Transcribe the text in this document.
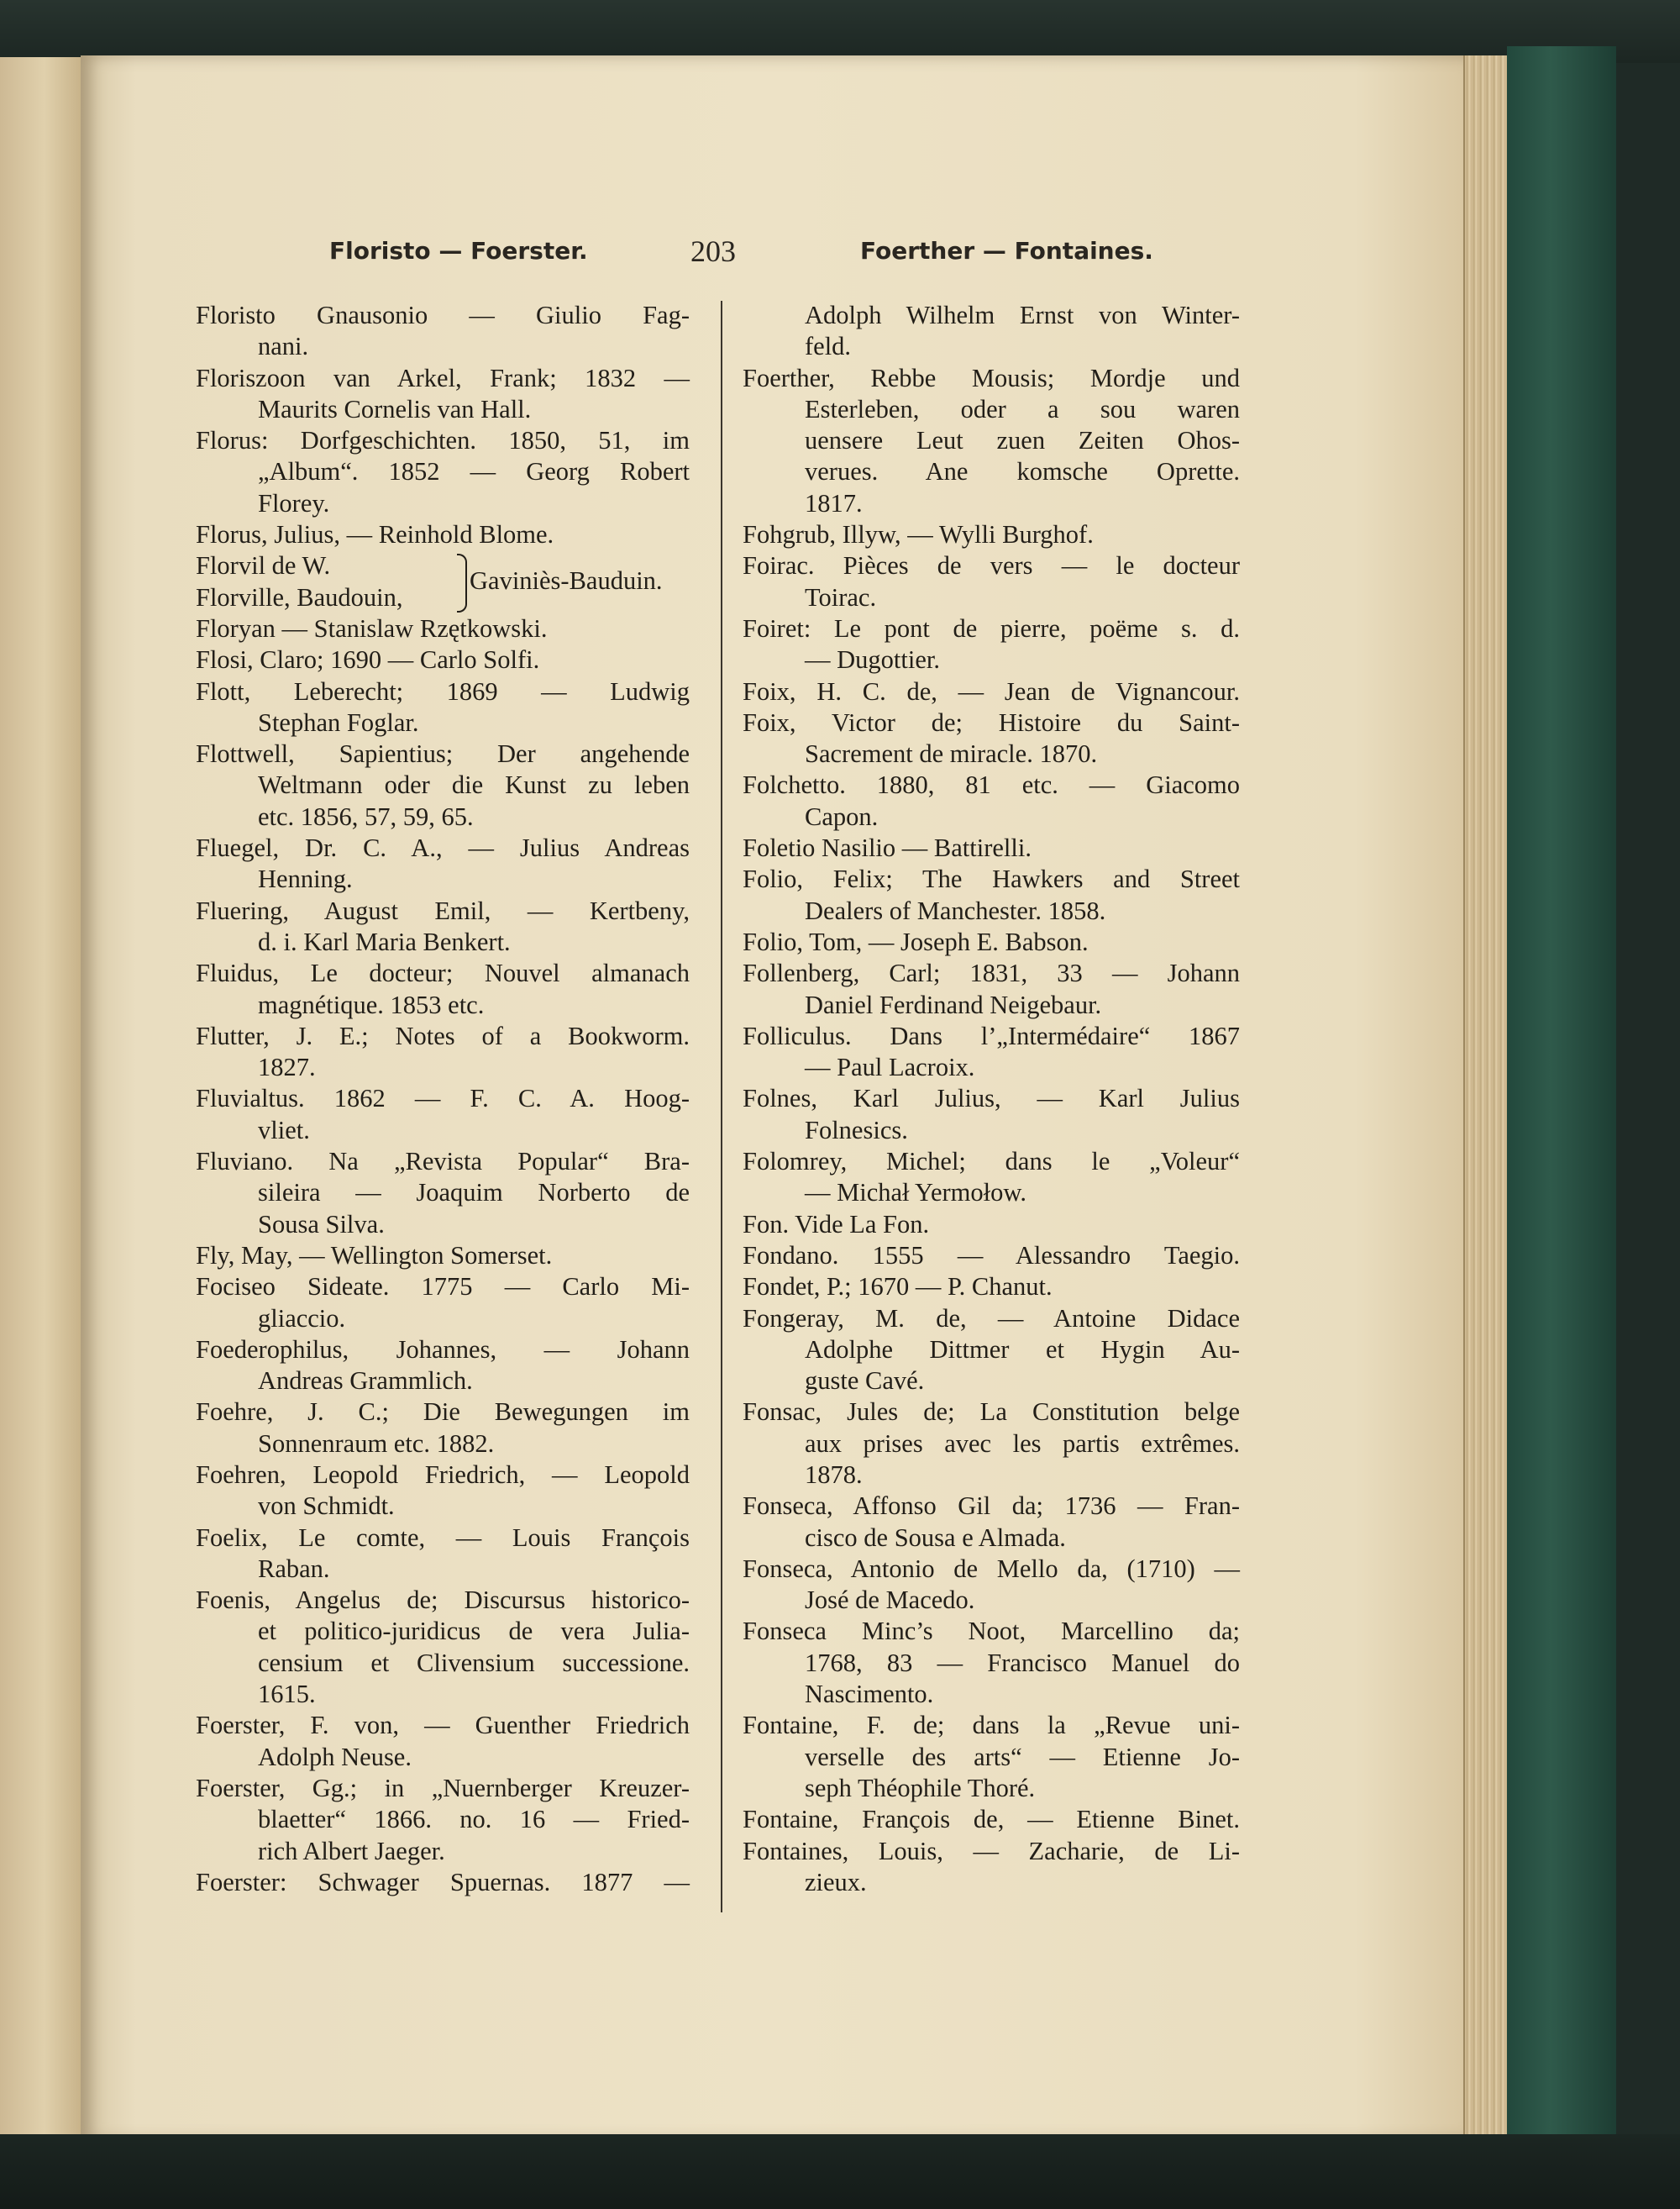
Floristo — Foerster.	203	Foerther — Fontaines.
Floristo Gnausonio — Giulio Fag-
nani.
Floriszoon van Arkel, Frank; 1832 —
Maurits Cornelis van Hall.
Florus: Dorfgeschichten. 1850, 51, im
„Album“. 1852 — Georg Robert
Florey.
Florus, Julius, — Reinhold Blome.
Florvil de W.
Florville, Baudouin,
Gaviniès-Bauduin.
Floryan — Stanislaw Rzętkowski.
Flosi, Claro; 1690 — Carlo Solfi.
Flott, Leberecht; 1869 — Ludwig
Stephan Foglar.
Flottwell, Sapientius; Der angehende
Weltmann oder die Kunst zu leben
etc. 1856, 57, 59, 65.
Fluegel, Dr. C. A., — Julius Andreas
Henning.
Fluering, August Emil, — Kertbeny,
d. i. Karl Maria Benkert.
Fluidus, Le docteur; Nouvel almanach
magnétique. 1853 etc.
Flutter, J. E.; Notes of a Bookworm.
1827.
Fluvialtus. 1862 — F. C. A. Hoog-
vliet.
Fluviano. Na „Revista Popular“ Bra-
sileira — Joaquim Norberto de
Sousa Silva.
Fly, May, — Wellington Somerset.
Fociseo Sideate. 1775 — Carlo Mi-
gliaccio.
Foederophilus, Johannes, — Johann
Andreas Grammlich.
Foehre, J. C.; Die Bewegungen im
Sonnenraum etc. 1882.
Foehren, Leopold Friedrich, — Leopold
von Schmidt.
Foelix, Le comte, — Louis François
Raban.
Foenis, Angelus de; Discursus historico-
et politico-juridicus de vera Julia-
censium et Clivensium successione.
1615.
Foerster, F. von, — Guenther Friedrich
Adolph Neuse.
Foerster, Gg.; in „Nuernberger Kreuzer-
blaetter“ 1866. no. 16 — Fried-
rich Albert Jaeger.
Foerster: Schwager Spuernas. 1877 —
Adolph Wilhelm Ernst von Winter-
feld.
Foerther, Rebbe Mousis; Mordje und
Esterleben, oder a sou waren
uensere Leut zuen Zeiten Ohos-
verues. Ane komsche Oprette.
1817.
Fohgrub, Illyw, — Wylli Burghof.
Foirac. Pièces de vers — le docteur
Toirac.
Foiret: Le pont de pierre, poëme s. d.
— Dugottier.
Foix, H. C. de, — Jean de Vignancour.
Foix, Victor de; Histoire du Saint-
Sacrement de miracle. 1870.
Folchetto. 1880, 81 etc. — Giacomo
Capon.
Foletio Nasilio — Battirelli.
Folio, Felix; The Hawkers and Street
Dealers of Manchester. 1858.
Folio, Tom, — Joseph E. Babson.
Follenberg, Carl; 1831, 33 — Johann
Daniel Ferdinand Neigebaur.
Folliculus. Dans l’„Intermédaire“ 1867
— Paul Lacroix.
Folnes, Karl Julius, — Karl Julius
Folnesics.
Folomrey, Michel; dans le „Voleur“
— Michał Yermołow.
Fon. Vide La Fon.
Fondano. 1555 — Alessandro Taegio.
Fondet, P.; 1670 — P. Chanut.
Fongeray, M. de, — Antoine Didace
Adolphe Dittmer et Hygin Au-
guste Cavé.
Fonsac, Jules de; La Constitution belge
aux prises avec les partis extrêmes.
1878.
Fonseca, Affonso Gil da; 1736 — Fran-
cisco de Sousa e Almada.
Fonseca, Antonio de Mello da, (1710) —
José de Macedo.
Fonseca Minc’s Noot, Marcellino da;
1768, 83 — Francisco Manuel do
Nascimento.
Fontaine, F. de; dans la „Revue uni-
verselle des arts“ — Etienne Jo-
seph Théophile Thoré.
Fontaine, François de, — Etienne Binet.
Fontaines, Louis, — Zacharie, de Li-
zieux.
